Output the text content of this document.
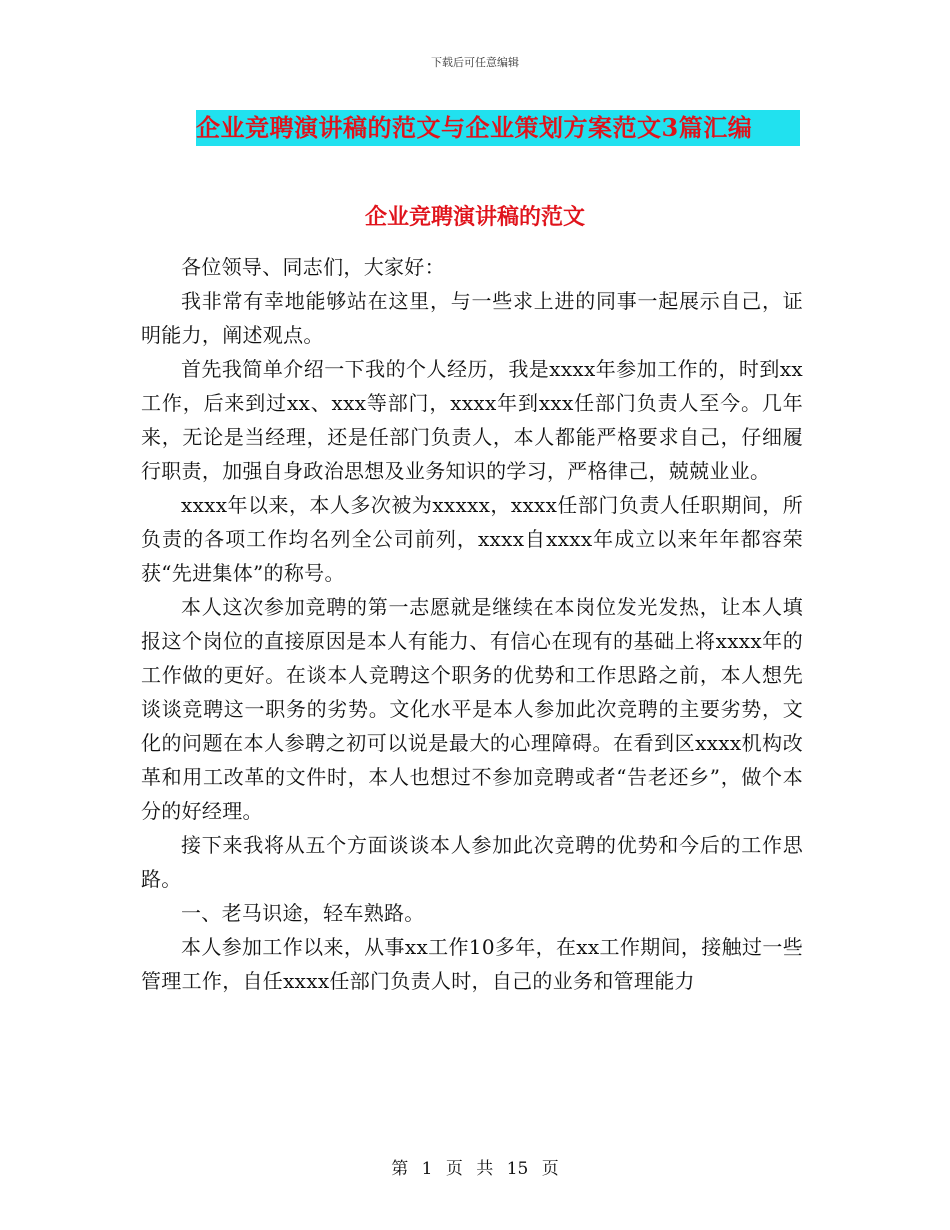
下载后可任意编辑
企业竞聘演讲稿的范文与企业策划方案范文3篇汇编
企业竞聘演讲稿的范文

各位领导、同志们，大家好：

我非常有幸地能够站在这里，与一些求上进的同事一起展示自己，证明能力，阐述观点。

首先我简单介绍一下我的个人经历，我是xxxx年参加工作的，时到xx工作，后来到过xx、xxx等部门，xxxx年到xxx任部门负责人至今。几年来，无论是当经理，还是任部门负责人，本人都能严格要求自己，仔细履行职责，加强自身政治思想及业务知识的学习，严格律己，兢兢业业。

xxxx年以来，本人多次被为xxxxx，xxxx任部门负责人任职期间，所负责的各项工作均名列全公司前列，xxxx自xxxx年成立以来年年都容荣获“先进集体”的称号。

本人这次参加竞聘的第一志愿就是继续在本岗位发光发热，让本人填报这个岗位的直接原因是本人有能力、有信心在现有的基础上将xxxx年的工作做的更好。在谈本人竞聘这个职务的优势和工作思路之前，本人想先谈谈竞聘这一职务的劣势。文化水平是本人参加此次竞聘的主要劣势，文化的问题在本人参聘之初可以说是最大的心理障碍。在看到区xxxx机构改革和用工改革的文件时，本人也想过不参加竞聘或者“告老还乡”，做个本分的好经理。

接下来我将从五个方面谈谈本人参加此次竞聘的优势和今后的工作思路。

一、老马识途，轻车熟路。

本人参加工作以来，从事xx工作10多年，在xx工作期间，接触过一些管理工作，自任xxxx任部门负责人时，自己的业务和管理能力

第 1 页 共 15 页
